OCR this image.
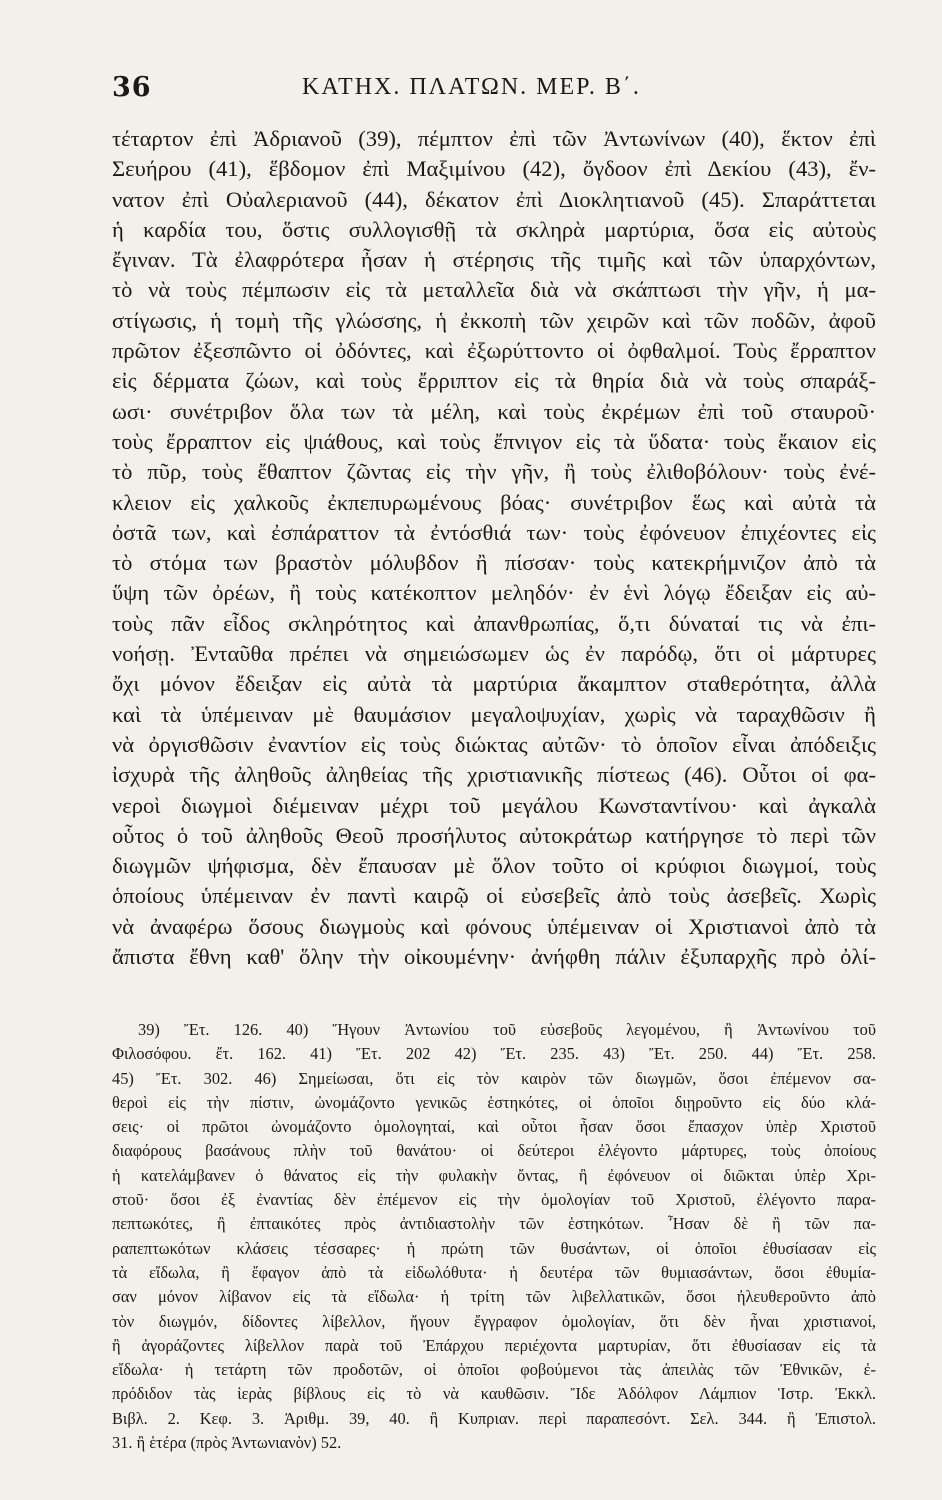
36	ΚΑΤΗΧ. ΠΛΑΤΩΝ. ΜΕΡ. Β΄.
τέταρτον ἐπὶ Ἀδριανοῦ (39), πέμπτον ἐπὶ τῶν Ἀντωνίνων (40), ἕκτον ἐπὶ
Σευήρου (41), ἕβδομον ἐπὶ Μαξιμίνου (42), ὄγδοον ἐπὶ Δεκίου (43), ἔν-
νατον ἐπὶ Οὐαλεριανοῦ (44), δέκατον ἐπὶ Διοκλητιανοῦ (45). Σπαράττεται
ἡ καρδία του, ὅστις συλλογισθῇ τὰ σκληρὰ μαρτύρια, ὅσα εἰς αὐτοὺς
ἔγιναν. Τὰ ἐλαφρότερα ἦσαν ἡ στέρησις τῆς τιμῆς καὶ τῶν ὑπαρχόντων,
τὸ νὰ τοὺς πέμπωσιν εἰς τὰ μεταλλεῖα διὰ νὰ σκάπτωσι τὴν γῆν, ἡ μα-
στίγωσις, ἡ τομὴ τῆς γλώσσης, ἡ ἐκκοπὴ τῶν χειρῶν καὶ τῶν ποδῶν, ἀφοῦ
πρῶτον ἐξεσπῶντο οἱ ὀδόντες, καὶ ἐξωρύττοντο οἱ ὀφθαλμοί. Τοὺς ἔρραπτον
εἰς δέρματα ζώων, καὶ τοὺς ἔρριπτον εἰς τὰ θηρία διὰ νὰ τοὺς σπαράξ-
ωσι· συνέτριβον ὅλα των τὰ μέλη, καὶ τοὺς ἐκρέμων ἐπὶ τοῦ σταυροῦ·
τοὺς ἔρραπτον εἰς ψιάθους, καὶ τοὺς ἔπνιγον εἰς τὰ ὕδατα· τοὺς ἔκαιον εἰς
τὸ πῦρ, τοὺς ἔθαπτον ζῶντας εἰς τὴν γῆν, ἢ τοὺς ἐλιθοβόλουν· τοὺς ἐνέ-
κλειον εἰς χαλκοῦς ἐκπεπυρωμένους βόας· συνέτριβον ἕως καὶ αὐτὰ τὰ
ὀστᾶ των, καὶ ἐσπάραττον τὰ ἐντόσθιά των· τοὺς ἐφόνευον ἐπιχέοντες εἰς
τὸ στόμα των βραστὸν μόλυβδον ἢ πίσσαν· τοὺς κατεκρήμνιζον ἀπὸ τὰ
ὕψη τῶν ὀρέων, ἢ τοὺς κατέκοπτον μεληδόν· ἐν ἑνὶ λόγῳ ἔδειξαν εἰς αὐ-
τοὺς πᾶν εἶδος σκληρότητος καὶ ἀπανθρωπίας, ὅ,τι δύναταί τις νὰ ἐπι-
νοήσῃ. Ἐνταῦθα πρέπει νὰ σημειώσωμεν ὡς ἐν παρόδῳ, ὅτι οἱ μάρτυρες
ὄχι μόνον ἔδειξαν εἰς αὐτὰ τὰ μαρτύρια ἄκαμπτον σταθερότητα, ἀλλὰ
καὶ τὰ ὑπέμειναν μὲ θαυμάσιον μεγαλοψυχίαν, χωρὶς νὰ ταραχθῶσιν ἢ
νὰ ὀργισθῶσιν ἐναντίον εἰς τοὺς διώκτας αὐτῶν· τὸ ὁποῖον εἶναι ἀπόδειξις
ἰσχυρὰ τῆς ἀληθοῦς ἀληθείας τῆς χριστιανικῆς πίστεως (46). Οὗτοι οἱ φα-
νεροὶ διωγμοὶ διέμειναν μέχρι τοῦ μεγάλου Κωνσταντίνου· καὶ ἀγκαλὰ
οὗτος ὁ τοῦ ἀληθοῦς Θεοῦ προσήλυτος αὐτοκράτωρ κατήργησε τὸ περὶ τῶν
διωγμῶν ψήφισμα, δὲν ἔπαυσαν μὲ ὅλον τοῦτο οἱ κρύφιοι διωγμοί, τοὺς
ὁποίους ὑπέμειναν ἐν παντὶ καιρῷ οἱ εὐσεβεῖς ἀπὸ τοὺς ἀσεβεῖς. Χωρὶς
νὰ ἀναφέρω ὅσους διωγμοὺς καὶ φόνους ὑπέμειναν οἱ Χριστιανοὶ ἀπὸ τὰ
ἄπιστα ἔθνη καθ' ὅλην τὴν οἰκουμένην· ἀνήφθη πάλιν ἐξυπαρχῆς πρὸ ὀλί-
39) Ἔτ. 126. 40) Ἤγουν Ἀντωνίου τοῦ εὐσεβοῦς λεγομένου, ἢ Ἀντωνίνου τοῦ
Φιλοσόφου. ἔτ. 162. 41) Ἔτ. 202 42) Ἔτ. 235. 43) Ἔτ. 250. 44) Ἔτ. 258.
45) Ἔτ. 302. 46) Σημείωσαι, ὅτι εἰς τὸν καιρὸν τῶν διωγμῶν, ὅσοι ἐπέμενον σα-
θεροὶ εἰς τὴν πίστιν, ὠνομάζοντο γενικῶς ἑστηκότες, οἱ ὁποῖοι διῃροῦντο εἰς δύο κλά-
σεις· οἱ πρῶτοι ὠνομάζοντο ὁμολογηταί, καὶ οὗτοι ἦσαν ὅσοι ἔπασχον ὑπὲρ Χριστοῦ
διαφόρους βασάνους πλὴν τοῦ θανάτου· οἱ δεύτεροι ἐλέγοντο μάρτυρες, τοὺς ὁποίους
ἡ κατελάμβανεν ὁ θάνατος εἰς τὴν φυλακὴν ὄντας, ἢ ἐφόνευον οἱ διῶκται ὑπὲρ Χρι-
στοῦ· ὅσοι ἐξ ἐναντίας δὲν ἐπέμενον εἰς τὴν ὁμολογίαν τοῦ Χριστοῦ, ἐλέγοντο παρα-
πεπτωκότες, ἢ ἐπταικότες πρὸς ἀντιδιαστολὴν τῶν ἑστηκότων. Ἦσαν δὲ ἢ τῶν πα-
ραπεπτωκότων κλάσεις τέσσαρες· ἡ πρώτη τῶν θυσάντων, οἱ ὁποῖοι ἐθυσίασαν εἰς
τὰ εἴδωλα, ἢ ἔφαγον ἀπὸ τὰ εἰδωλόθυτα· ἡ δευτέρα τῶν θυμιασάντων, ὅσοι ἐθυμία-
σαν μόνον λίβανον εἰς τὰ εἴδωλα· ἡ τρίτη τῶν λιβελλατικῶν, ὅσοι ἠλευθεροῦντο ἀπὸ
τὸν διωγμόν, δίδοντες λίβελλον, ἤγουν ἔγγραφον ὁμολογίαν, ὅτι δὲν ἦναι χριστιανοί,
ἢ ἀγοράζοντες λίβελλον παρὰ τοῦ Ἐπάρχου περιέχοντα μαρτυρίαν, ὅτι ἐθυσίασαν εἰς τὰ
εἴδωλα· ἡ τετάρτη τῶν προδοτῶν, οἱ ὁποῖοι φοβούμενοι τὰς ἀπειλὰς τῶν Ἐθνικῶν, ἐ-
πρόδιδον τὰς ἱερὰς βίβλους εἰς τὸ νὰ καυθῶσιν. Ἴδε Ἀδόλφον Λάμπιον Ἱστρ. Ἐκκλ.
Βιβλ. 2. Κεφ. 3. Ἀριθμ. 39, 40. ἢ Κυπριαν. περὶ παραπεσόντ. Σελ. 344. ἢ Ἐπιστολ.
31. ἢ ἑτέρα (πρὸς Ἀντωνιανὸν) 52.
